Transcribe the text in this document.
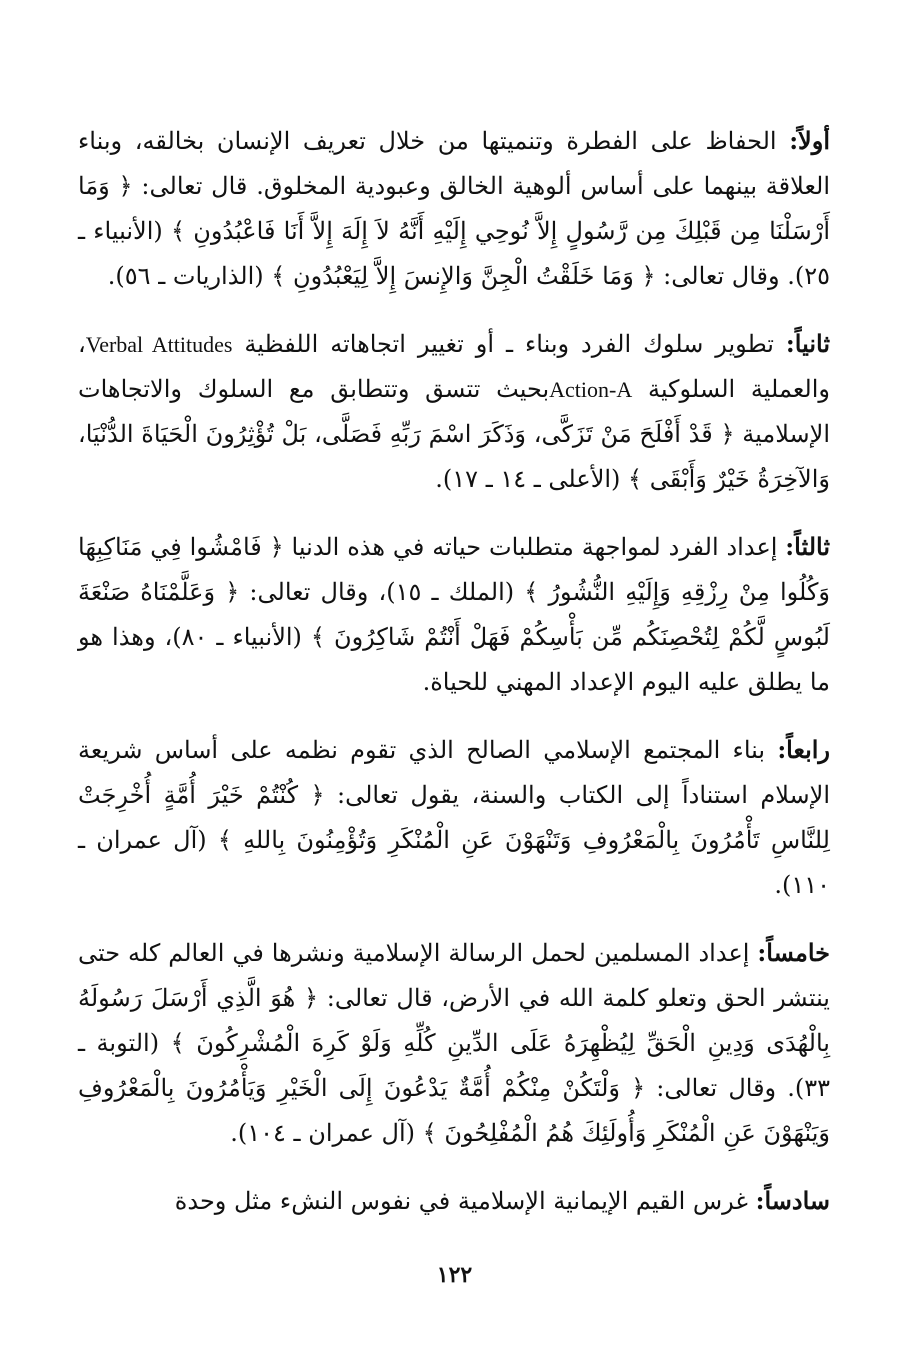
أولاً: الحفاظ على الفطرة وتنميتها من خلال تعريف الإنسان بخالقه، وبناء العلاقة بينهما على أساس ألوهية الخالق وعبودية المخلوق. قال تعالى: ﴿ وَمَا أَرْسَلْنَا مِن قَبْلِكَ مِن رَّسُولٍ إِلاَّ نُوحِي إِلَيْهِ أَنَّهُ لاَ إِلَهَ إِلاَّ أَنَا فَاعْبُدُونِ ﴾ (الأنبياء ـ ٢٥). وقال تعالى: ﴿ وَمَا خَلَقْتُ الْجِنَّ وَالإِنسَ إِلاَّ لِيَعْبُدُونِ ﴾ (الذاريات ـ ٥٦).

ثانياً: تطوير سلوك الفرد وبناء ـ أو تغيير اتجاهاته اللفظية Verbal Attitudes، والعملية السلوكية Action-Aبحيث تتسق وتتطابق مع السلوك والاتجاهات الإسلامية ﴿ قَدْ أَفْلَحَ مَنْ تَزَكَّى، وَذَكَرَ اسْمَ رَبِّهِ فَصَلَّى، بَلْ تُؤْثِرُونَ الْحَيَاةَ الدُّنْيَا، وَالآخِرَةُ خَيْرٌ وَأَبْقَى ﴾ (الأعلى ـ ١٤ ـ ١٧).

ثالثاً: إعداد الفرد لمواجهة متطلبات حياته في هذه الدنيا ﴿ فَامْشُوا فِي مَنَاكِبِهَا وَكُلُوا مِنْ رِزْقِهِ وَإِلَيْهِ النُّشُورُ ﴾ (الملك ـ ١٥)، وقال تعالى: ﴿ وَعَلَّمْنَاهُ صَنْعَةَ لَبُوسٍ لَّكُمْ لِتُحْصِنَكُم مِّن بَأْسِكُمْ فَهَلْ أَنْتُمْ شَاكِرُونَ ﴾ (الأنبياء ـ ٨٠)، وهذا هو ما يطلق عليه اليوم الإعداد المهني للحياة.

رابعاً: بناء المجتمع الإسلامي الصالح الذي تقوم نظمه على أساس شريعة الإسلام استناداً إلى الكتاب والسنة، يقول تعالى: ﴿ كُنْتُمْ خَيْرَ أُمَّةٍ أُخْرِجَتْ لِلنَّاسِ تَأْمُرُونَ بِالْمَعْرُوفِ وَتَنْهَوْنَ عَنِ الْمُنْكَرِ وَتُؤْمِنُونَ بِاللهِ ﴾ (آل عمران ـ ١١٠).

خامساً: إعداد المسلمين لحمل الرسالة الإسلامية ونشرها في العالم كله حتى ينتشر الحق وتعلو كلمة الله في الأرض، قال تعالى: ﴿ هُوَ الَّذِي أَرْسَلَ رَسُولَهُ بِالْهُدَى وَدِينِ الْحَقِّ لِيُظْهِرَهُ عَلَى الدِّينِ كُلِّهِ وَلَوْ كَرِهَ الْمُشْرِكُونَ ﴾ (التوبة ـ ٣٣). وقال تعالى: ﴿ وَلْتَكُنْ مِنْكُمْ أُمَّةٌ يَدْعُونَ إِلَى الْخَيْرِ وَيَأْمُرُونَ بِالْمَعْرُوفِ وَيَنْهَوْنَ عَنِ الْمُنْكَرِ وَأُولَئِكَ هُمُ الْمُفْلِحُونَ ﴾ (آل عمران ـ ١٠٤).

سادساً: غرس القيم الإيمانية الإسلامية في نفوس النشء مثل وحدة

١٢٢
